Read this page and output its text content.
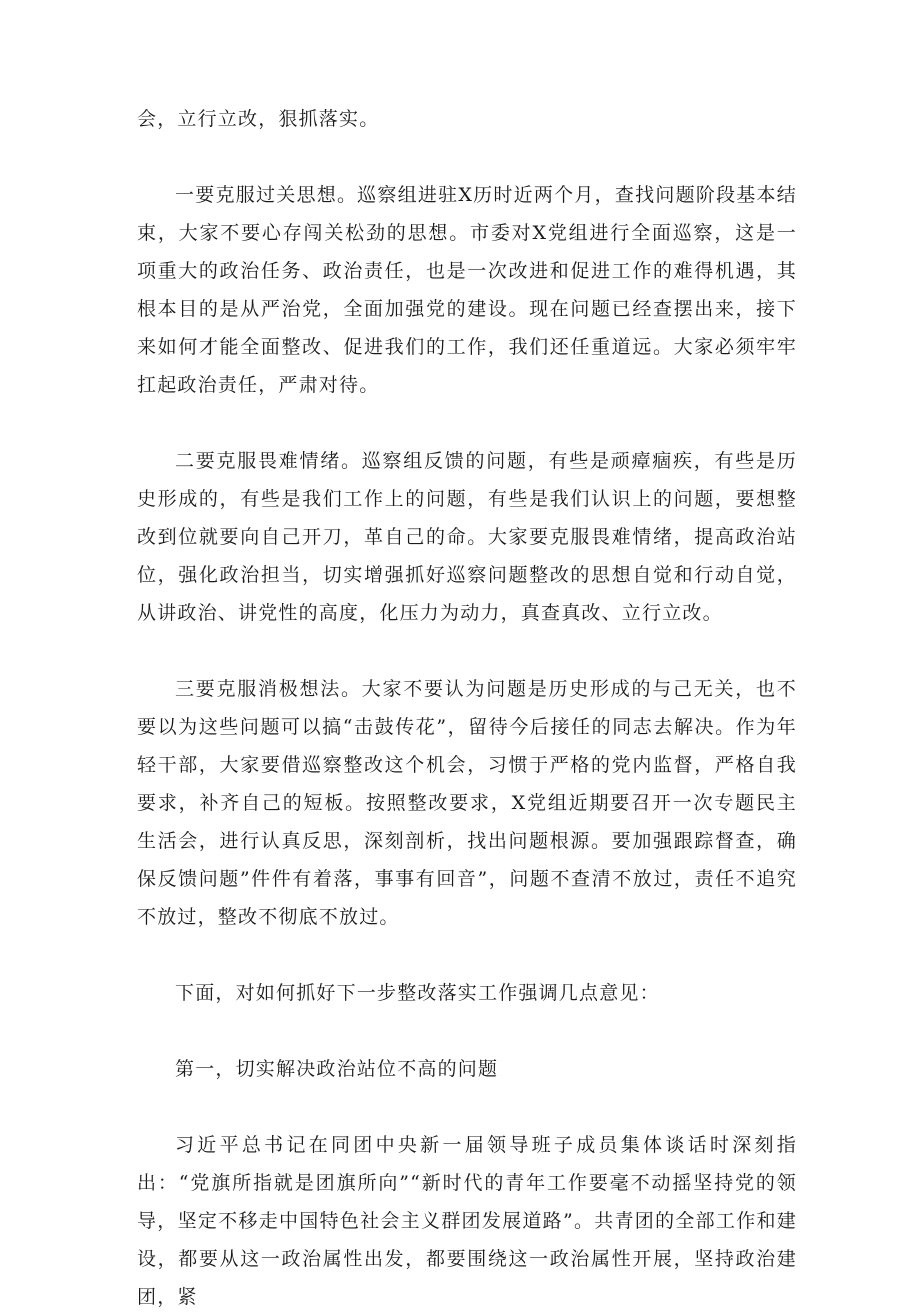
会，立行立改，狠抓落实。

一要克服过关思想。巡察组进驻X历时近两个月，查找问题阶段基本结束，大家不要心存闯关松劲的思想。市委对X党组进行全面巡察，这是一项重大的政治任务、政治责任，也是一次改进和促进工作的难得机遇，其根本目的是从严治党，全面加强党的建设。现在问题已经查摆出来，接下来如何才能全面整改、促进我们的工作，我们还任重道远。大家必须牢牢扛起政治责任，严肃对待。

二要克服畏难情绪。巡察组反馈的问题，有些是顽瘴痼疾，有些是历史形成的，有些是我们工作上的问题，有些是我们认识上的问题，要想整改到位就要向自己开刀，革自己的命。大家要克服畏难情绪，提高政治站位，强化政治担当，切实增强抓好巡察问题整改的思想自觉和行动自觉，从讲政治、讲党性的高度，化压力为动力，真查真改、立行立改。

三要克服消极想法。大家不要认为问题是历史形成的与己无关，也不要以为这些问题可以搞“击鼓传花”，留待今后接任的同志去解决。作为年轻干部，大家要借巡察整改这个机会，习惯于严格的党内监督，严格自我要求，补齐自己的短板。按照整改要求，X党组近期要召开一次专题民主生活会，进行认真反思，深刻剖析，找出问题根源。要加强跟踪督查，确保反馈问题”件件有着落，事事有回音”，问题不查清不放过，责任不追究不放过，整改不彻底不放过。

下面，对如何抓好下一步整改落实工作强调几点意见：

第一，切实解决政治站位不高的问题

习近平总书记在同团中央新一届领导班子成员集体谈话时深刻指出：“党旗所指就是团旗所向”“新时代的青年工作要毫不动摇坚持党的领导，坚定不移走中国特色社会主义群团发展道路”。共青团的全部工作和建设，都要从这一政治属性出发，都要围绕这一政治属性开展，坚持政治建团，紧
